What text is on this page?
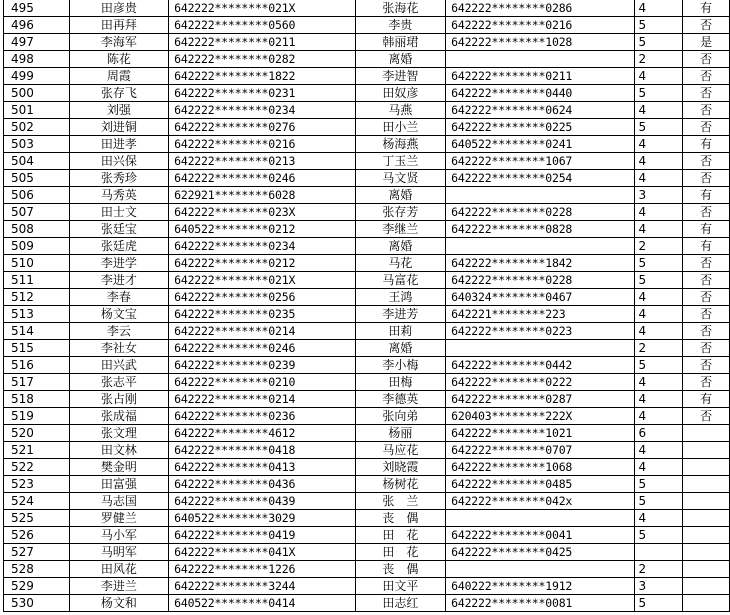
495	田彦贵	642222********021X	张海花	642222********0286	4	有
496	田再拜	642222********0560	李贵	642222********0216	5	否
497	李海军	642222********0211	韩丽珺	642222********1028	5	是
498	陈花	642222********0282	离婚		2	否
499	周霞	642222********1822	李进智	642222********0211	4	否
500	张存飞	642222********0231	田奴彦	642222********0440	5	否
501	刘强	642222********0234	马燕	642222********0624	4	否
502	刘进铜	642222********0276	田小兰	642222********0225	5	否
503	田进孝	642222********0216	杨海燕	640522********0241	4	有
504	田兴保	642222********0213	丁玉兰	642222********1067	4	否
505	张秀珍	642222********0246	马文贤	642222********0254	4	否
506	马秀英	622921********6028	离婚		3	有
507	田士文	642222********023X	张存芳	642222********0228	4	否
508	张廷宝	640522********0212	李继兰	642222********0828	4	有
509	张廷虎	642222********0234	离婚		2	有
510	李进学	642222********0212	马花	642222********1842	5	否
511	李进才	642222********021X	马富花	642222********0228	5	否
512	李春	642222********0256	王鸿	640324********0467	4	否
513	杨文宝	642222********0235	李进芳	642221********223	4	否
514	李云	642222********0214	田莉	642222********0223	4	否
515	李社女	642222********0246	离婚		2	否
516	田兴武	642222********0239	李小梅	642222********0442	5	否
517	张志平	642222********0210	田梅	642222********0222	4	否
518	张占刚	642222********0214	李德英	642222********0287	4	有
519	张成福	642222********0236	张向弟	620403********222X	4	否
520	张文理	642222********4612	杨丽	642222********1021	6	
521	田文林	642222********0418	马应花	642222********0707	4	
522	樊金明	642222********0413	刘晓霞	642222********1068	4	
523	田富强	642222********0436	杨树花	642222********0485	5	
524	马志国	642222********0439	张　兰	642222********042x	5	
525	罗健兰	640522********3029	丧　偶		4	
526	马小军	642222********0419	田　花	642222********0041	5	
527	马明军	642222********041X	田　花	642222********0425		
528	田风花	642222********1226	丧　偶		2	
529	李进兰	642222********3244	田文平	640222********1912	3	
530	杨文和	640522********0414	田志红	642222********0081	5	
